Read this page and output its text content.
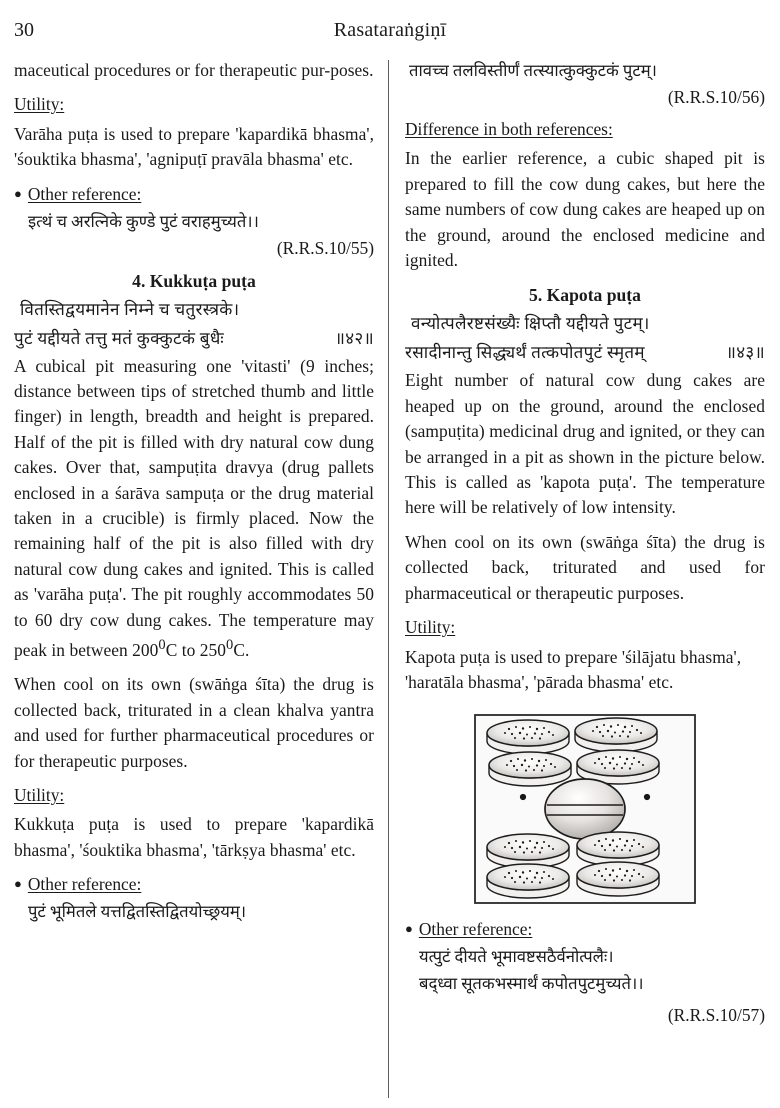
30	Rasataraṅgiṇī

maceutical procedures or for therapeutic pur-poses.

Utility:

Varāha puṭa is used to prepare 'kapardikā bhasma', 'śouktika bhasma', 'agnipuṭī pravāla bhasma' etc.

● Other reference:

इत्थं च अरत्निके कुण्डे पुटं वराहमुच्यते।।

(R.R.S.10/55)

4. Kukkuṭa puṭa

वितस्तिद्वयमानेन निम्ने च चतुरस्त्रके।

पुटं यद्दीयते तत्तु मतं कुक्कुटकं बुधैः	॥४२॥

A cubical pit measuring one 'vitasti' (9 inches; distance between tips of stretched thumb and little finger) in length, breadth and height is prepared. Half of the pit is filled with dry natural cow dung cakes. Over that, sampuṭita dravya (drug pallets enclosed in a śarāva sampuṭa or the drug material taken in a crucible) is firmly placed. Now the remaining half of the pit is also filled with dry natural cow dung cakes and ignited. This is called as 'varāha puṭa'. The pit roughly accommodates 50 to 60 dry cow dung cakes. The temperature may peak in between $200^0C$ to $250^0C$.

When cool on its own (swāṅga śīta) the drug is collected back, triturated in a clean khalva yantra and used for further pharmaceutical procedures or for therapeutic purposes.

Utility:

Kukkuṭa puṭa is used to prepare 'kapardikā bhasma', 'śouktika bhasma', 'tārkṣya bhasma' etc.

● Other reference:

पुटं भूमितले यत्तद्वितस्तिद्वितयोच्छ्रयम्।

तावच्च तलविस्तीर्णं तत्स्यात्कुक्कुटकं पुटम्।

(R.R.S.10/56)

Difference in both references:

In the earlier reference, a cubic shaped pit is prepared to fill the cow dung cakes, but here the same numbers of cow dung cakes are heaped up on the ground, around the enclosed medicine and ignited.

5. Kapota puṭa

वन्योत्पलैरष्टसंख्यैः क्षिप्तौ यद्दीयते पुटम्।

रसादीनान्तु सिद्ध्यर्थं तत्कपोतपुटं स्मृतम्	॥४३॥

Eight number of natural cow dung cakes are heaped up on the ground, around the enclosed (sampuṭita) medicinal drug and ignited, or they can be arranged in a pit as shown in the picture below. This is called as 'kapota puṭa'. The temperature here will be relatively of low intensity.

When cool on its own (swāṅga śīta) the drug is collected back, triturated and used for pharmaceutical or therapeutic purposes.

Utility:

Kapota puṭa is used to prepare 'śilājatu bhasma', 'haratāla bhasma', 'pārada bhasma' etc.

● Other reference:

यत्पुटं दीयते भूमावष्टसठैर्वनोत्पलैः।

बद्ध्वा सूतकभस्मार्थं कपोतपुटमुच्यते।।

(R.R.S.10/57)
